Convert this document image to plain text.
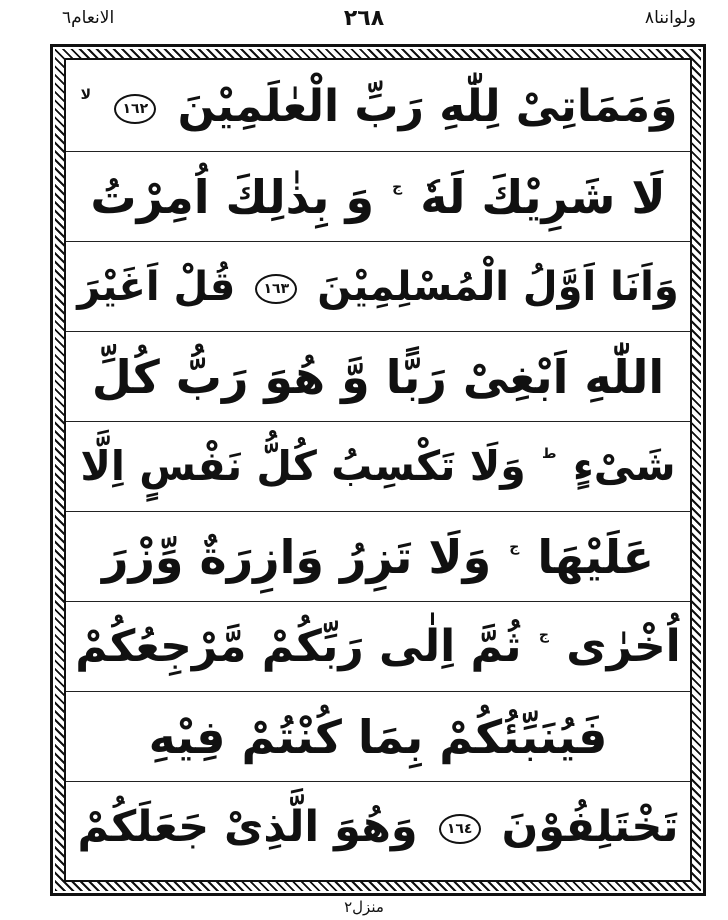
الانعام٦	٢٦٨	ولواننا٨
وَمَمَاتِىْ لِلّٰهِ رَبِّ الْعٰلَمِيْنَ ١٦٢ $^{لا}$
لَا شَرِيْكَ لَهٗ $^ج$ وَ بِذٰلِكَ اُمِرْتُ
وَاَنَا اَوَّلُ الْمُسْلِمِيْنَ ١٦٣ قُلْ اَغَيْرَ
اللّٰهِ اَبْغِىْ رَبًّا وَّ هُوَ رَبُّ كُلِّ
شَىْءٍ $^ط$ وَلَا تَكْسِبُ كُلُّ نَفْسٍ اِلَّا
عَلَيْهَا $^ج$ وَلَا تَزِرُ وَازِرَةٌ وِّزْرَ
اُخْرٰى $^ج$ ثُمَّ اِلٰى رَبِّكُمْ مَّرْجِعُكُمْ
فَيُنَبِّئُكُمْ بِمَا كُنْتُمْ فِيْهِ
تَخْتَلِفُوْنَ ١٦٤ وَهُوَ الَّذِىْ جَعَلَكُمْ
منزل٢
